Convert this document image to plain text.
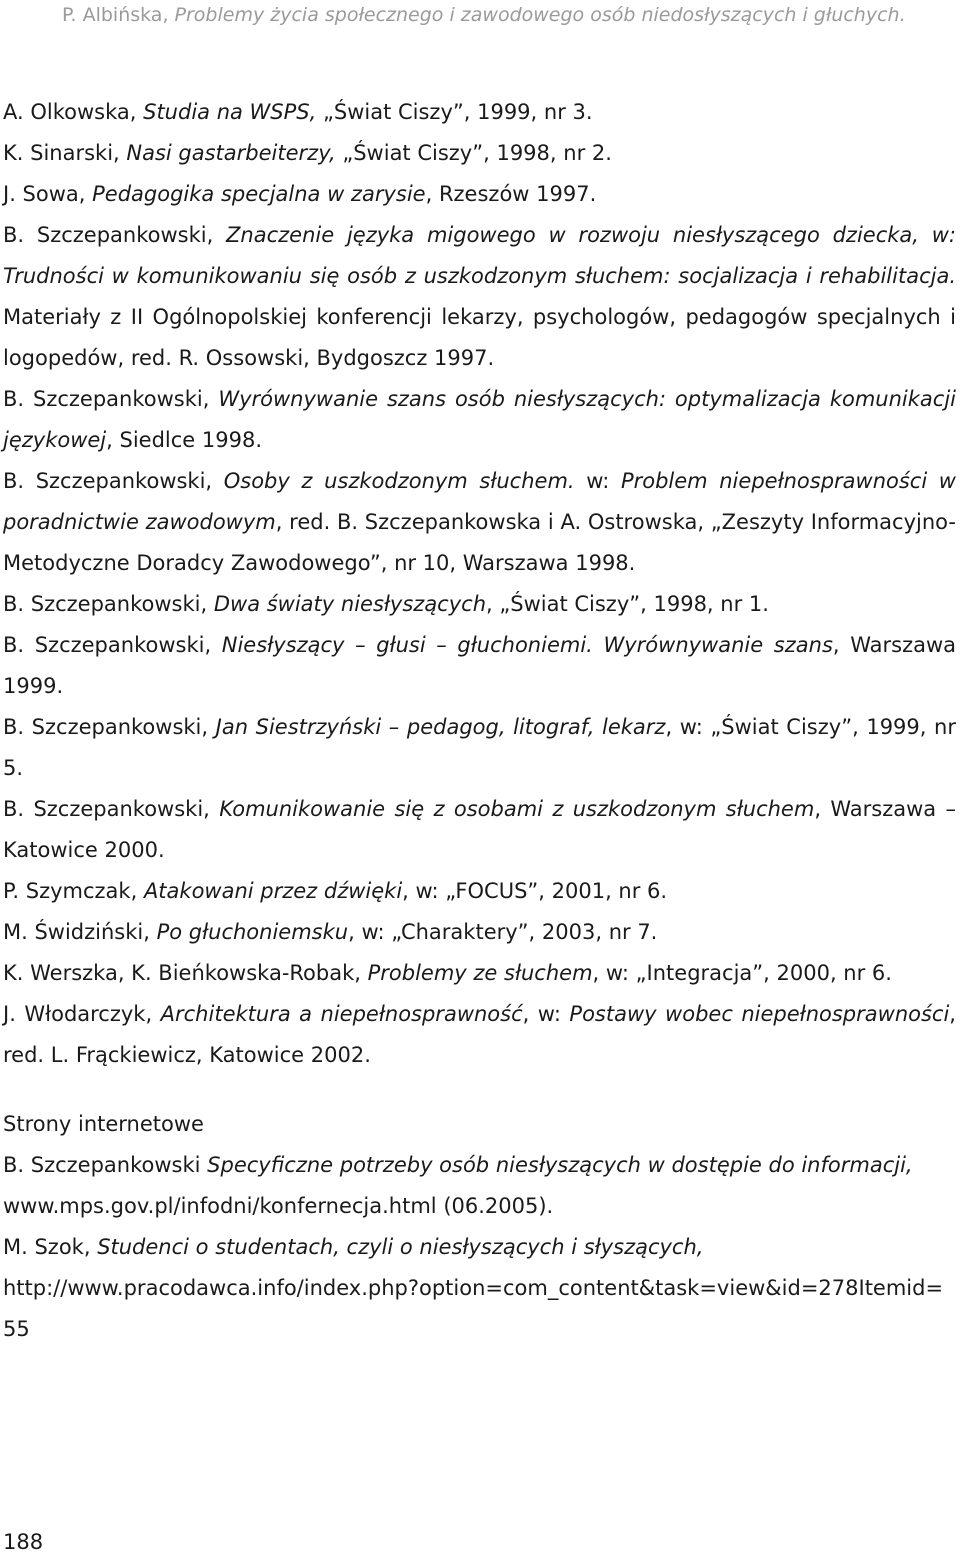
P. Albińska, Problemy życia społecznego i zawodowego osób niedosłyszących i głuchych.

A. Olkowska, Studia na WSPS, „Świat Ciszy”, 1999, nr 3.

K. Sinarski, Nasi gastarbeiterzy, „Świat Ciszy”, 1998, nr 2.

J. Sowa, Pedagogika specjalna w zarysie, Rzeszów 1997.

B. Szczepankowski, Znaczenie języka migowego w rozwoju niesłyszącego dziecka, w: Trudności w komunikowaniu się osób z uszkodzonym słuchem: socjalizacja i rehabilitacja. Materiały z II Ogólnopolskiej konferencji lekarzy, psychologów, pedagogów specjalnych i logopedów, red. R. Ossowski, Bydgoszcz 1997.

B. Szczepankowski, Wyrównywanie szans osób niesłyszących: optymalizacja komunikacji językowej, Siedlce 1998.

B. Szczepankowski, Osoby z uszkodzonym słuchem. w: Problem niepełnosprawności w poradnictwie zawodowym, red. B. Szczepankowska i A. Ostrowska, „Zeszyty Informacyjno-Metodyczne Doradcy Zawodowego”, nr 10, Warszawa 1998.

B. Szczepankowski, Dwa światy niesłyszących, „Świat Ciszy”, 1998, nr 1.

B. Szczepankowski, Niesłyszący – głusi – głuchoniemi. Wyrównywanie szans, Warszawa 1999.

B. Szczepankowski, Jan Siestrzyński – pedagog, litograf, lekarz, w: „Świat Ciszy”, 1999, nr 5.

B. Szczepankowski, Komunikowanie się z osobami z uszkodzonym słuchem, Warszawa – Katowice 2000.

P. Szymczak, Atakowani przez dźwięki, w: „FOCUS”, 2001, nr 6.

M. Świdziński, Po głuchoniemsku, w: „Charaktery”, 2003, nr 7.

K. Werszka, K. Bieńkowska-Robak, Problemy ze słuchem, w: „Integracja”, 2000, nr 6.

J. Włodarczyk, Architektura a niepełnosprawność, w: Postawy wobec niepełnosprawności, red. L. Frąckiewicz, Katowice 2002.

Strony internetowe

B. Szczepankowski Specyficzne potrzeby osób niesłyszących w dostępie do informacji,

www.mps.gov.pl/infodni/konfernecja.html (06.2005).

M. Szok, Studenci o studentach, czyli o niesłyszących i słyszących,

http://www.pracodawca.info/index.php?option=com_content&task=view&id=278Itemid=55

188
